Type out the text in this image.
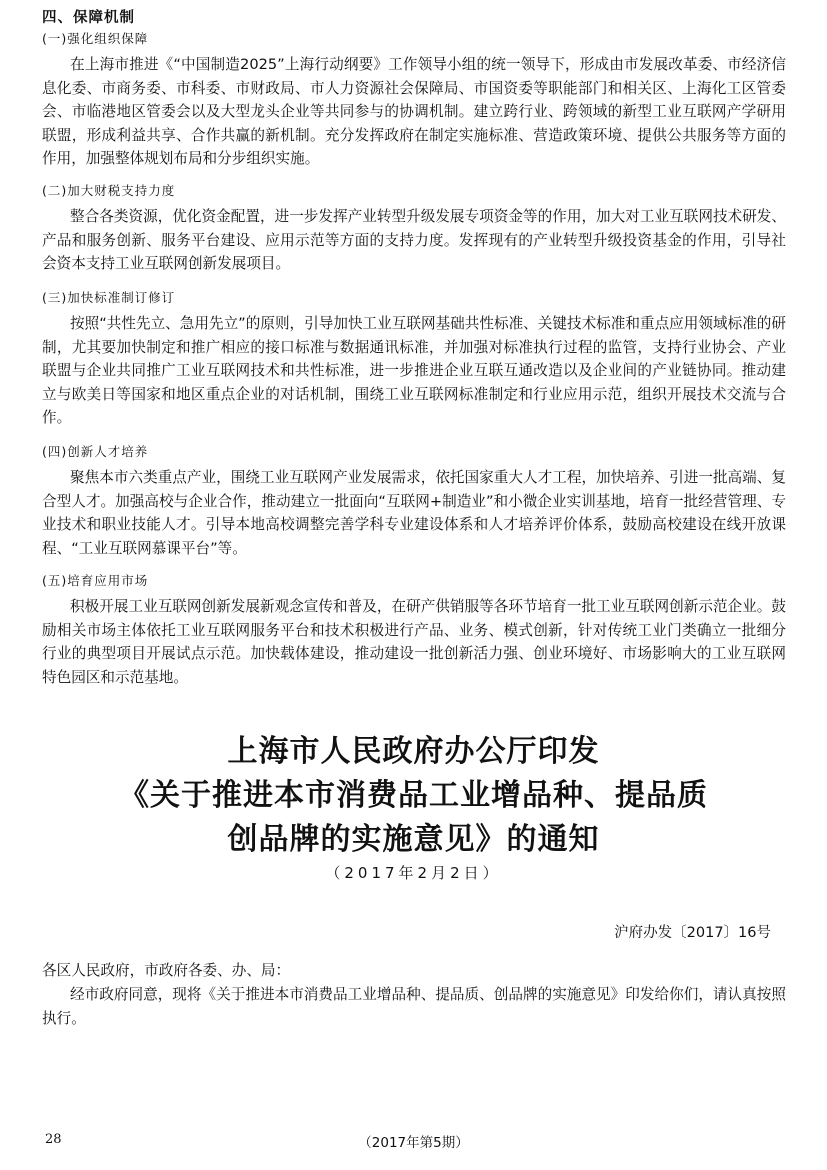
四、保障机制
(一)强化组织保障

在上海市推进《“中国制造2025”上海行动纲要》工作领导小组的统一领导下，形成由市发展改革委、市经济信息化委、市商务委、市科委、市财政局、市人力资源社会保障局、市国资委等职能部门和相关区、上海化工区管委会、市临港地区管委会以及大型龙头企业等共同参与的协调机制。建立跨行业、跨领域的新型工业互联网产学研用联盟，形成利益共享、合作共赢的新机制。充分发挥政府在制定实施标准、营造政策环境、提供公共服务等方面的作用，加强整体规划布局和分步组织实施。

(二)加大财税支持力度

整合各类资源，优化资金配置，进一步发挥产业转型升级发展专项资金等的作用，加大对工业互联网技术研发、产品和服务创新、服务平台建设、应用示范等方面的支持力度。发挥现有的产业转型升级投资基金的作用，引导社会资本支持工业互联网创新发展项目。

(三)加快标准制订修订

按照“共性先立、急用先立”的原则，引导加快工业互联网基础共性标准、关键技术标准和重点应用领域标准的研制，尤其要加快制定和推广相应的接口标准与数据通讯标准，并加强对标准执行过程的监管，支持行业协会、产业联盟与企业共同推广工业互联网技术和共性标准，进一步推进企业互联互通改造以及企业间的产业链协同。推动建立与欧美日等国家和地区重点企业的对话机制，围绕工业互联网标准制定和行业应用示范，组织开展技术交流与合作。

(四)创新人才培养

聚焦本市六类重点产业，围绕工业互联网产业发展需求，依托国家重大人才工程，加快培养、引进一批高端、复合型人才。加强高校与企业合作，推动建立一批面向“互联网+制造业”和小微企业实训基地，培育一批经营管理、专业技术和职业技能人才。引导本地高校调整完善学科专业建设体系和人才培养评价体系，鼓励高校建设在线开放课程、“工业互联网慕课平台”等。

(五)培育应用市场

积极开展工业互联网创新发展新观念宣传和普及，在研产供销服等各环节培育一批工业互联网创新示范企业。鼓励相关市场主体依托工业互联网服务平台和技术积极进行产品、业务、模式创新，针对传统工业门类确立一批细分行业的典型项目开展试点示范。加快载体建设，推动建设一批创新活力强、创业环境好、市场影响大的工业互联网特色园区和示范基地。

上海市人民政府办公厅印发
《关于推进本市消费品工业增品种、提品质
创品牌的实施意见》的通知
（2017年2月2日）
沪府办发〔2017〕16号
各区人民政府，市政府各委、办、局：

经市政府同意，现将《关于推进本市消费品工业增品种、提品质、创品牌的实施意见》印发给你们，请认真按照执行。

28	（2017年第5期）
